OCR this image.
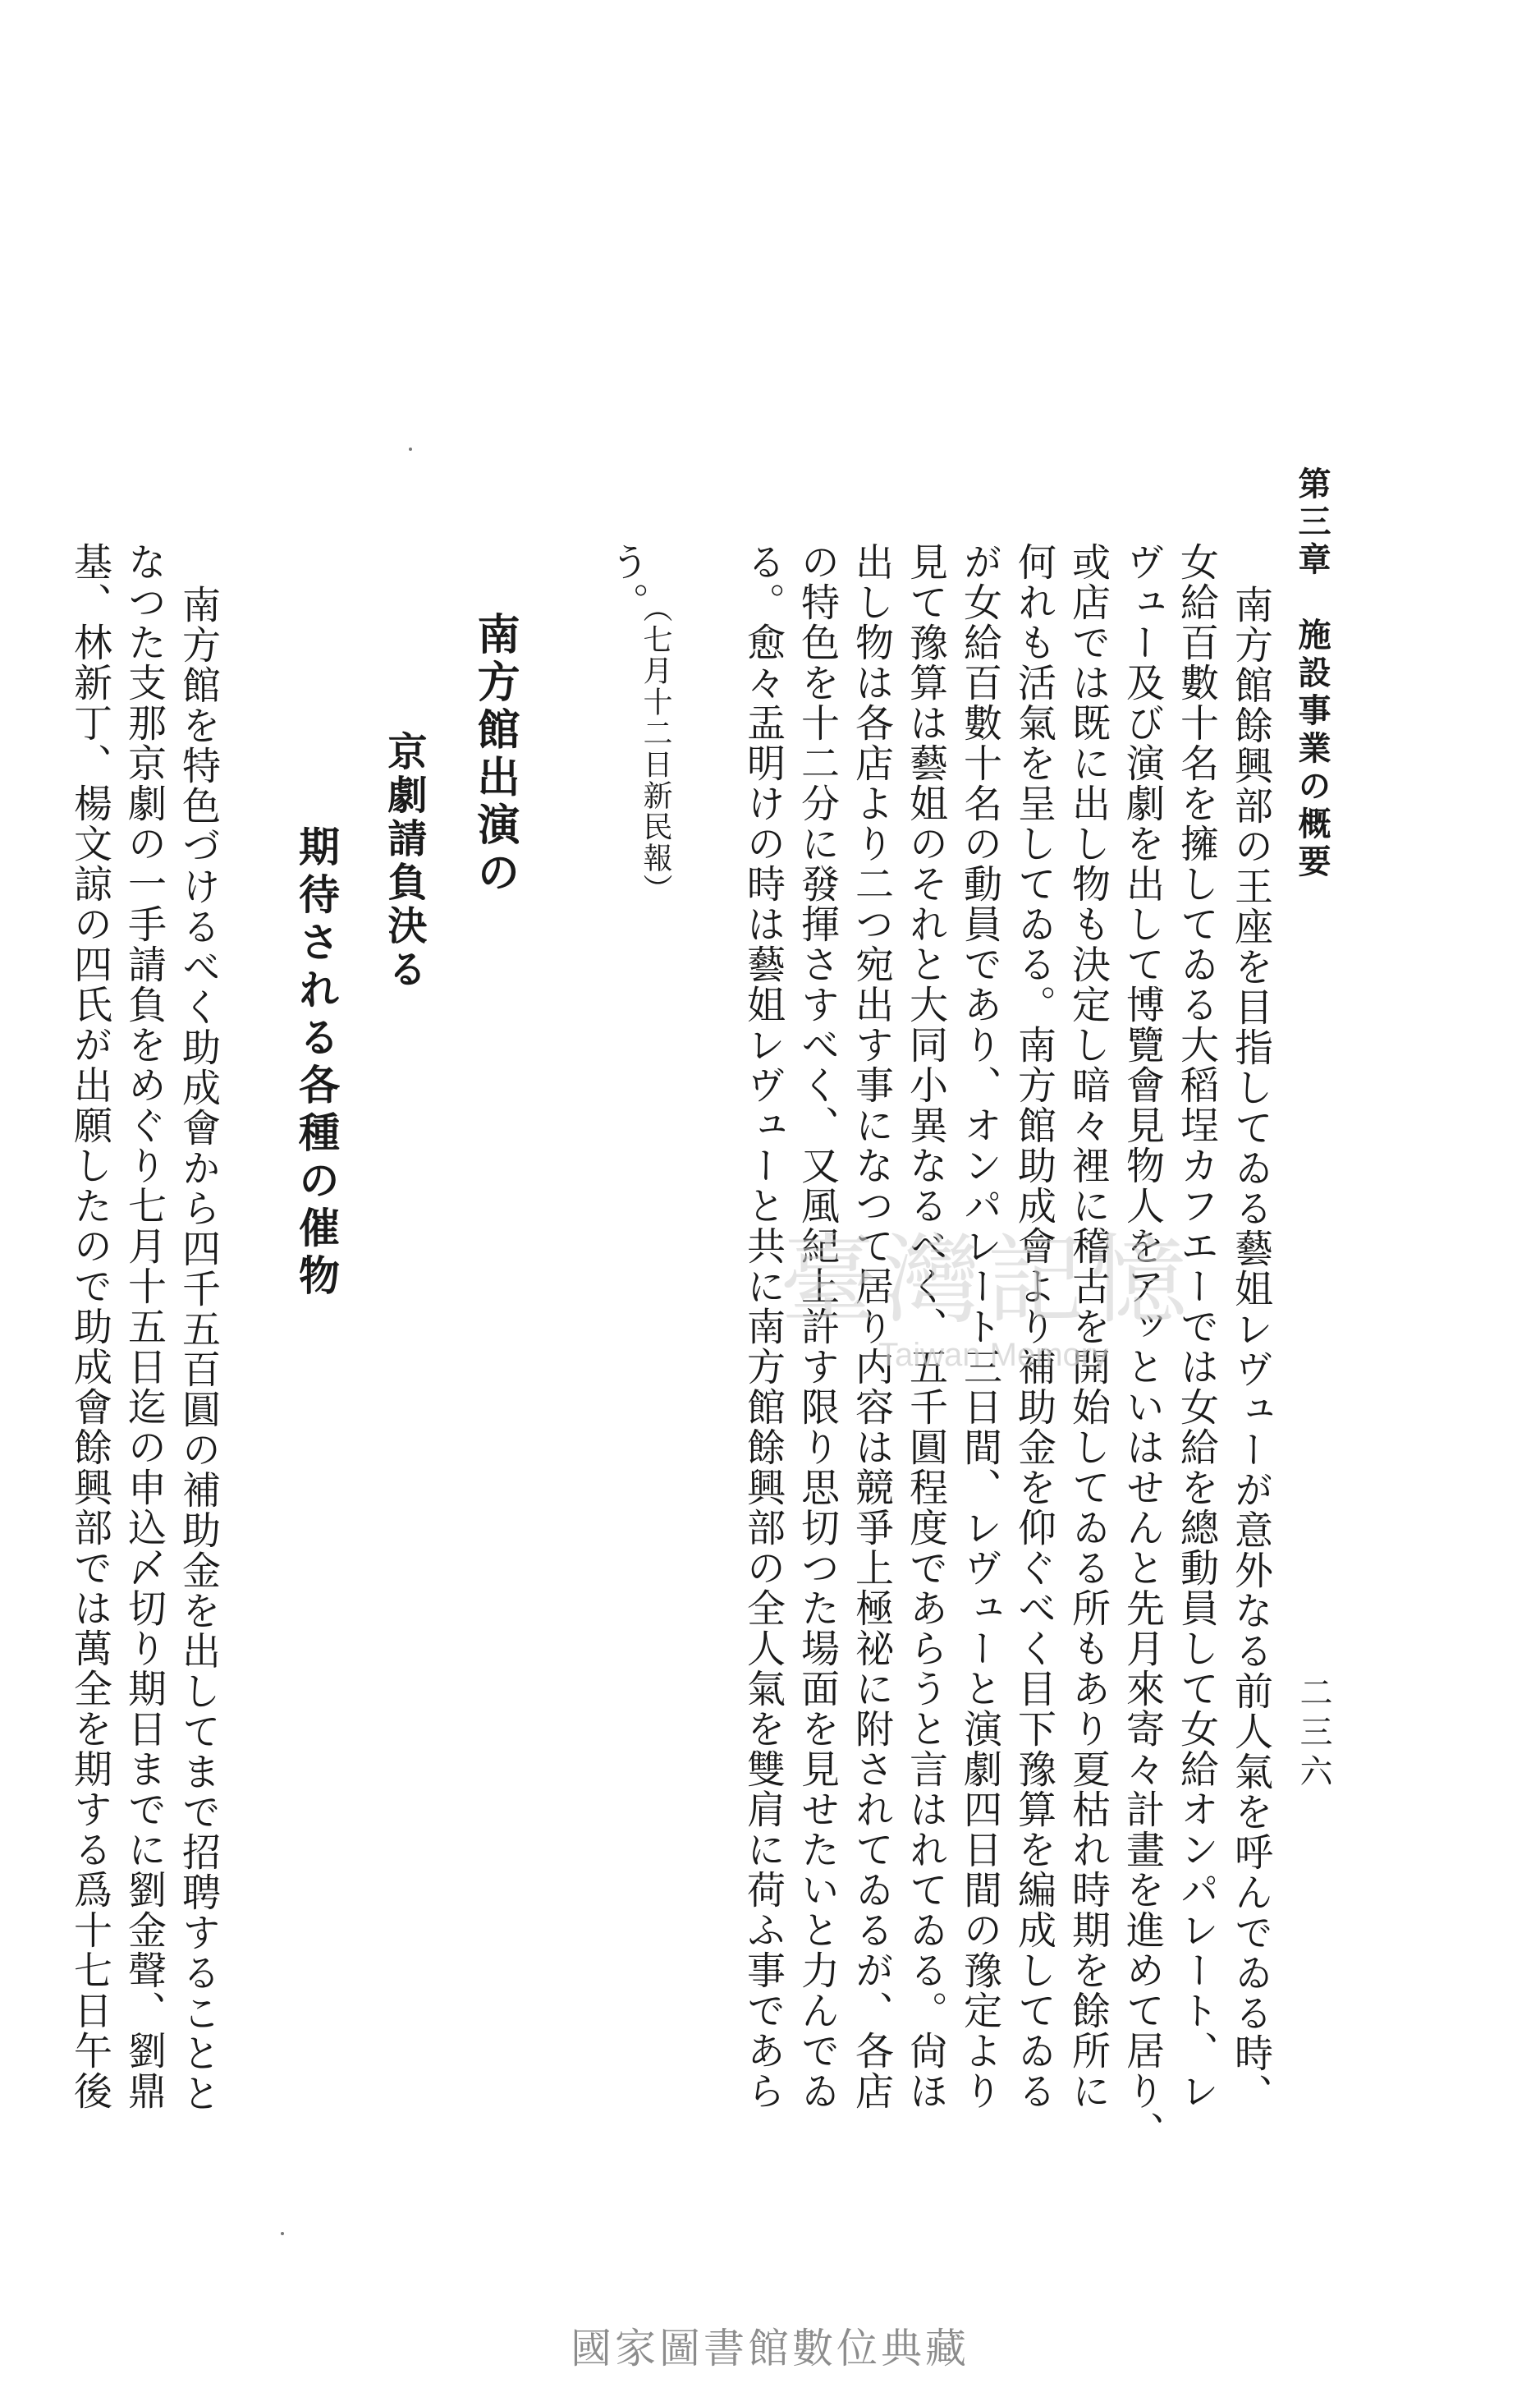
第三章　施設事業の概要
二三六
南方館餘興部の王座を目指してゐる藝姐レヴューが意外なる前人氣を呼んでゐる時、
女給百數十名を擁してゐる大稻埕カフエーでは女給を總動員して女給オンパレート、レ
ヴュー及び演劇を出して博覽會見物人をアッといはせんと先月來寄々計畫を進めて居り、
或店では既に出し物も決定し暗々裡に稽古を開始してゐる所もあり夏枯れ時期を餘所に
何れも活氣を呈してゐる。南方館助成會より補助金を仰ぐべく目下豫算を編成してゐる
が女給百數十名の動員であり、オンパレート三日間、レヴューと演劇四日間の豫定より
見て豫算は藝姐のそれと大同小異なるべく、五千圓程度であらうと言はれてゐる。尙ほ
出し物は各店より二つ宛出す事になつて居り内容は競爭上極祕に附されてゐるが、各店
の特色を十二分に發揮さすべく、又風紀上許す限り思切つた場面を見せたいと力んでゐ
る。愈々盂明けの時は藝姐レヴューと共に南方館餘興部の全人氣を雙肩に荷ふ事であら
う。
（七月十二日新民報）
南方館出演の
京劇請負決る
期待される各種の催物
南方館を特色づけるべく助成會から四千五百圓の補助金を出してまで招聘することと
なつた支那京劇の一手請負をめぐり七月十五日迄の申込〆切り期日までに劉金聲、劉鼎
基、林新丁、楊文諒の四氏が出願したので助成會餘興部では萬全を期する爲十七日午後	臺灣記憶
Taiwan Memory
國家圖書館數位典藏
